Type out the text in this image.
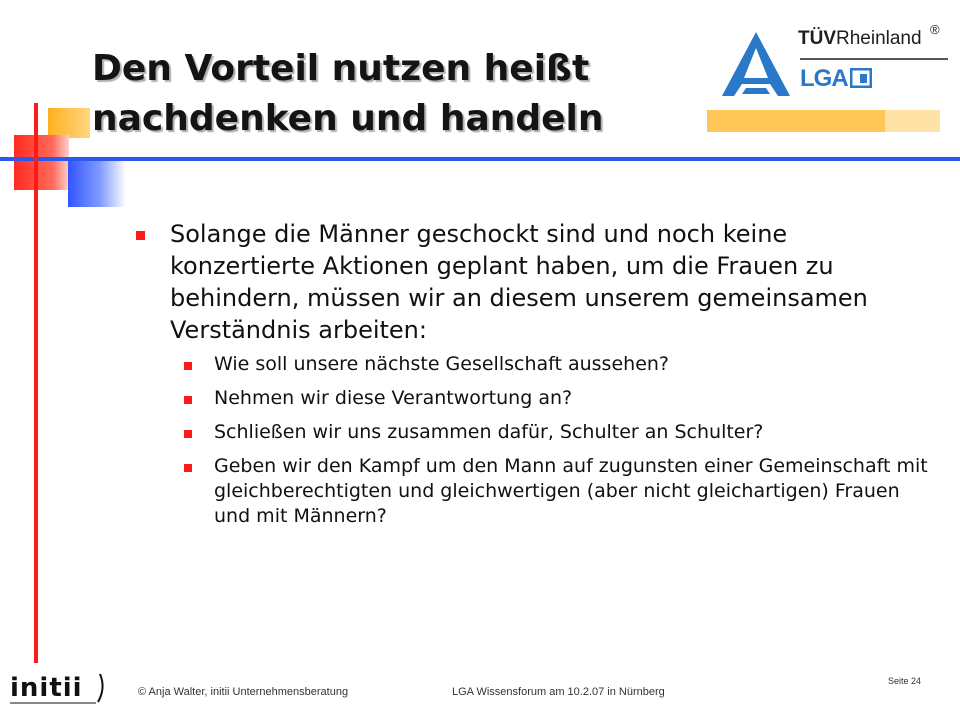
Den Vorteil nutzen heißt
nachdenken und handeln
TÜVRheinland ®
LGA
Solange die Männer geschockt sind und noch keine konzertierte Aktionen geplant haben, um die Frauen zu behindern, müssen wir an diesem unserem gemeinsamen Verständnis arbeiten:
Wie soll unsere nächste Gesellschaft aussehen?
Nehmen wir diese Verantwortung an?
Schließen wir uns zusammen dafür, Schulter an Schulter?
Geben wir den Kampf um den Mann auf zugunsten einer Gemeinschaft mit gleichberechtigten und gleichwertigen (aber nicht gleichartigen) Frauen und mit Männern?
initii	© Anja Walter, initii Unternehmensberatung	LGA Wissensforum am 10.2.07 in Nürnberg
Seite 24
